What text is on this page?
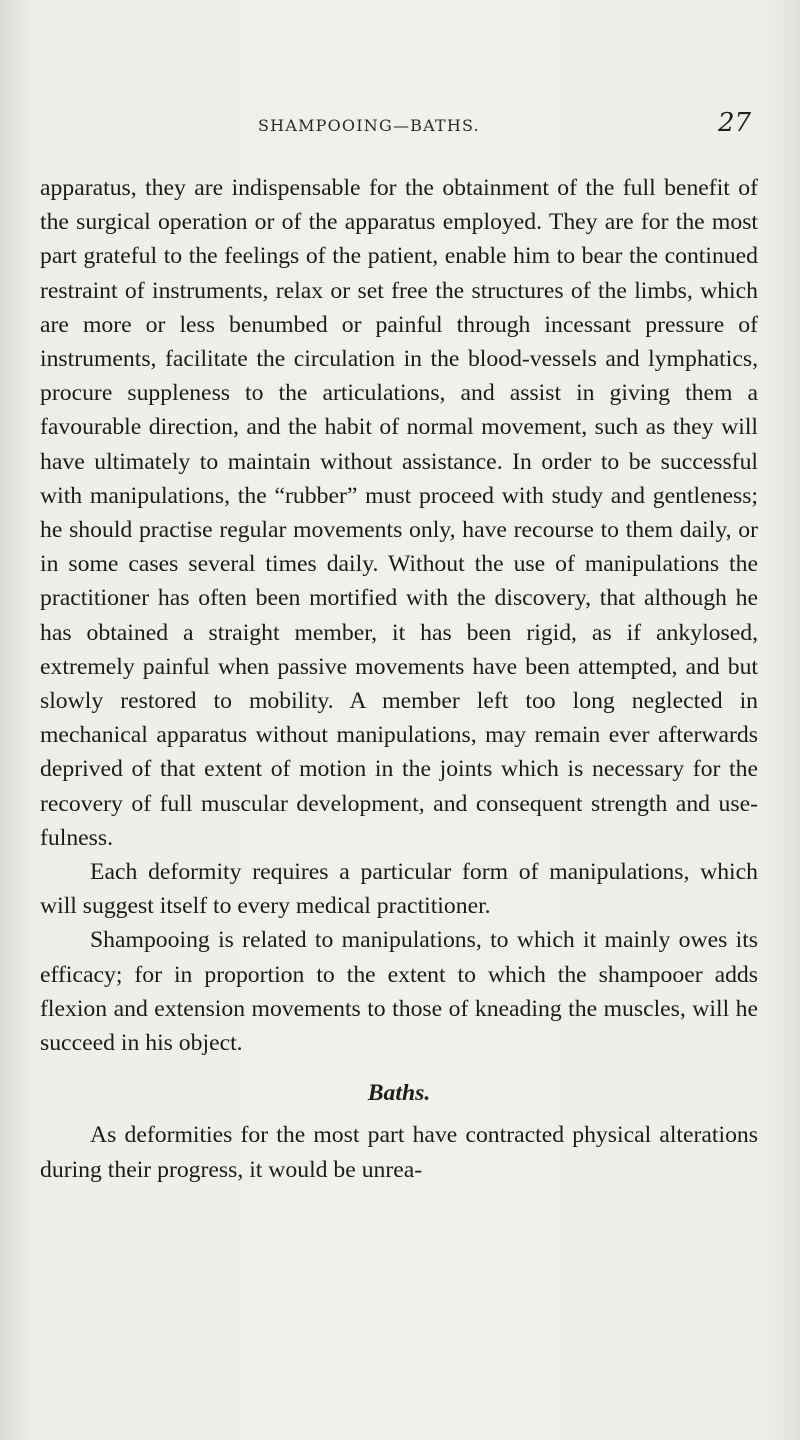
SHAMPOOING—BATHS.	27

apparatus, they are indispensable for the obtainment of the full benefit of the surgical operation or of the apparatus employed. They are for the most part grateful to the feelings of the patient, enable him to bear the continued restraint of instruments, relax or set free the structures of the limbs, which are more or less benumbed or painful through incessant pressure of instruments, facilitate the circulation in the blood-vessels and lymphatics, procure suppleness to the articulations, and assist in giving them a favourable direction, and the habit of normal movement, such as they will have ultimately to maintain without assistance. In order to be successful with manipulations, the “rubber” must proceed with study and gentleness; he should practise regular movements only, have recourse to them daily, or in some cases several times daily. Without the use of manipulations the practitioner has often been mortified with the discovery, that although he has obtained a straight member, it has been rigid, as if ankylosed, extremely painful when passive movements have been attempted, and but slowly restored to mobility. A member left too long neglected in mechanical apparatus without manipulations, may remain ever afterwards deprived of that extent of motion in the joints which is necessary for the recovery of full muscular development, and consequent strength and usefulness.

Each deformity requires a particular form of manipulations, which will suggest itself to every medical practitioner.

Shampooing is related to manipulations, to which it mainly owes its efficacy; for in proportion to the extent to which the shampooer adds flexion and extension movements to those of kneading the muscles, will he succeed in his object.

Baths.

As deformities for the most part have contracted physical alterations during their progress, it would be unrea-
